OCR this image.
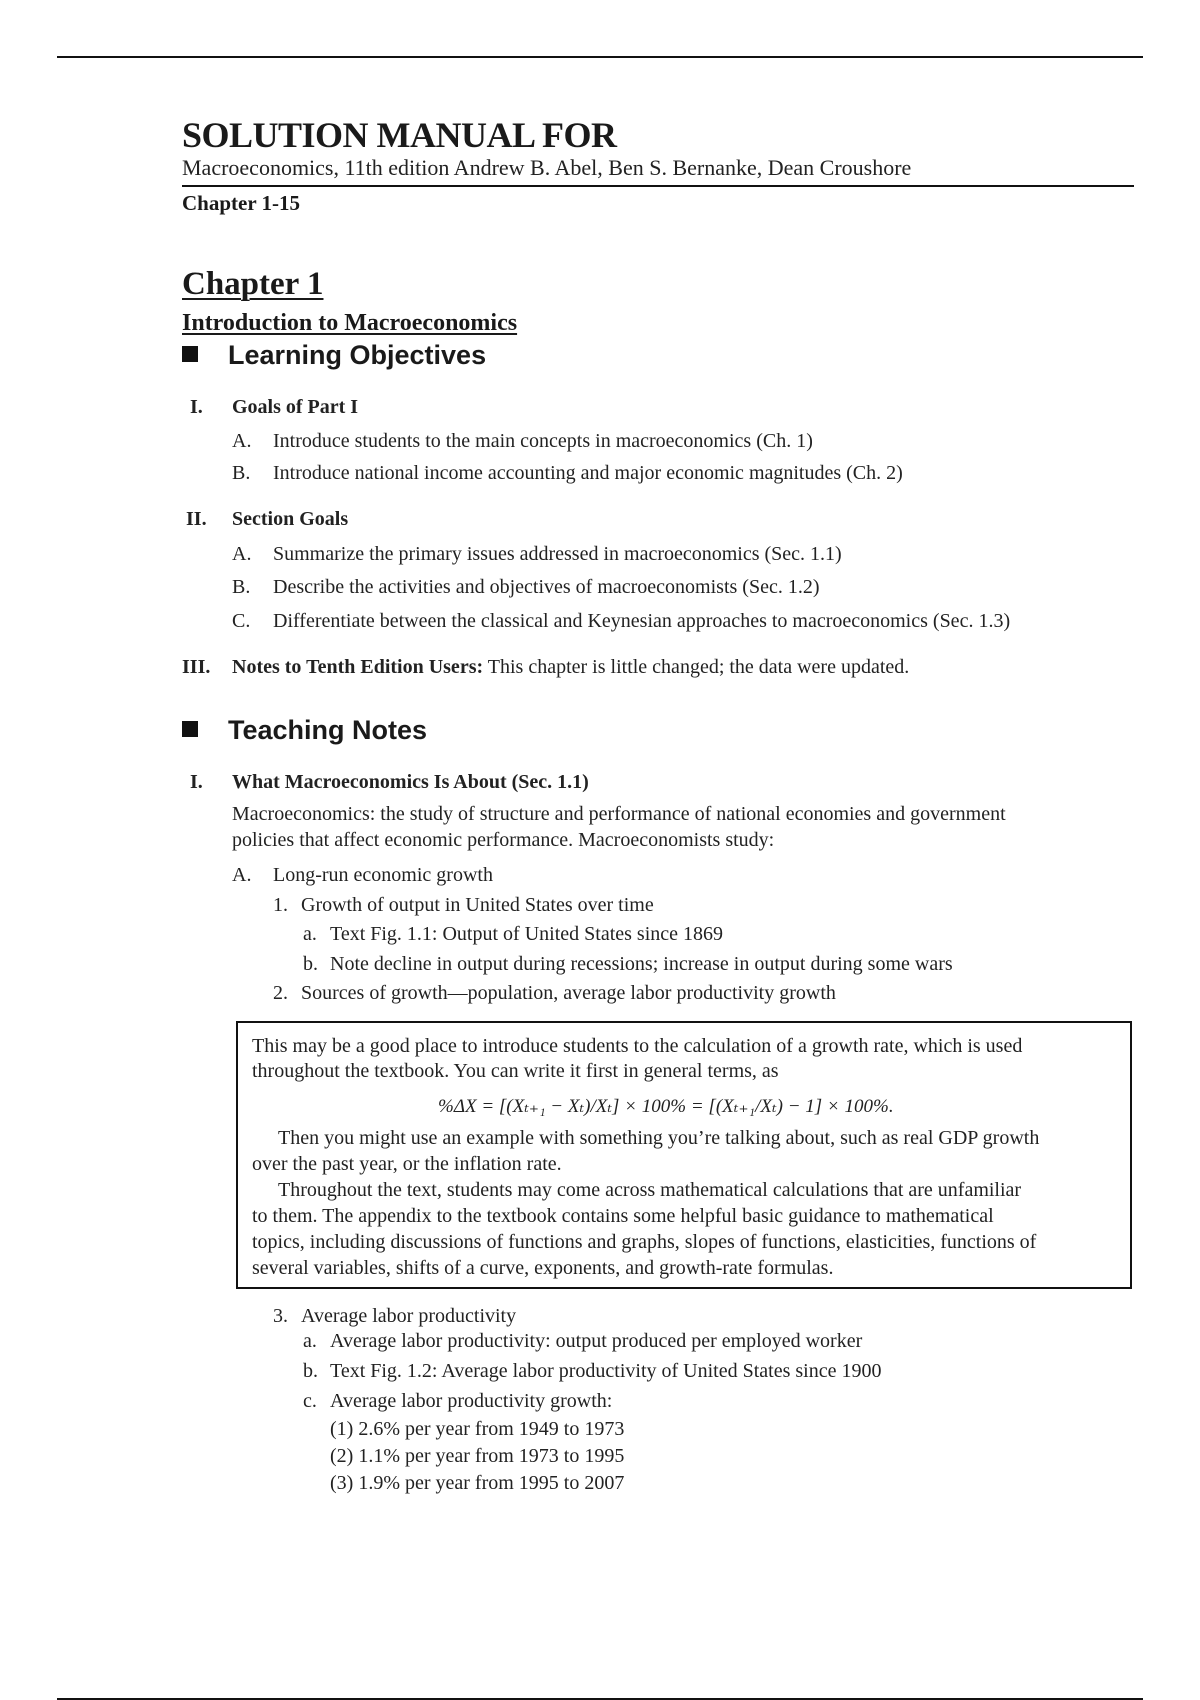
SOLUTION MANUAL FOR
Macroeconomics, 11th edition Andrew B. Abel, Ben S. Bernanke, Dean Croushore
Chapter 1-15
Chapter 1
Introduction to Macroeconomics
Learning Objectives
I. Goals of Part I
A. Introduce students to the main concepts in macroeconomics (Ch. 1)
B. Introduce national income accounting and major economic magnitudes (Ch. 2)
II. Section Goals
A. Summarize the primary issues addressed in macroeconomics (Sec. 1.1)
B. Describe the activities and objectives of macroeconomists (Sec. 1.2)
C. Differentiate between the classical and Keynesian approaches to macroeconomics (Sec. 1.3)
III. Notes to Tenth Edition Users: This chapter is little changed; the data were updated.
Teaching Notes
I. What Macroeconomics Is About (Sec. 1.1)
Macroeconomics: the study of structure and performance of national economies and government
policies that affect economic performance. Macroeconomists study:
A. Long-run economic growth
1. Growth of output in United States over time
a. Text Fig. 1.1: Output of United States since 1869
b. Note decline in output during recessions; increase in output during some wars
2. Sources of growth—population, average labor productivity growth
This may be a good place to introduce students to the calculation of a growth rate, which is used
throughout the textbook. You can write it first in general terms, as
%ΔX = [(Xₜ₊₁ − Xₜ)/Xₜ] × 100% = [(Xₜ₊₁/Xₜ) − 1] × 100%.
Then you might use an example with something you’re talking about, such as real GDP growth
over the past year, or the inflation rate.
Throughout the text, students may come across mathematical calculations that are unfamiliar
to them. The appendix to the textbook contains some helpful basic guidance to mathematical
topics, including discussions of functions and graphs, slopes of functions, elasticities, functions of
several variables, shifts of a curve, exponents, and growth-rate formulas.
3. Average labor productivity
a. Average labor productivity: output produced per employed worker
b. Text Fig. 1.2: Average labor productivity of United States since 1900
c. Average labor productivity growth:
(1) 2.6% per year from 1949 to 1973
(2) 1.1% per year from 1973 to 1995
(3) 1.9% per year from 1995 to 2007
